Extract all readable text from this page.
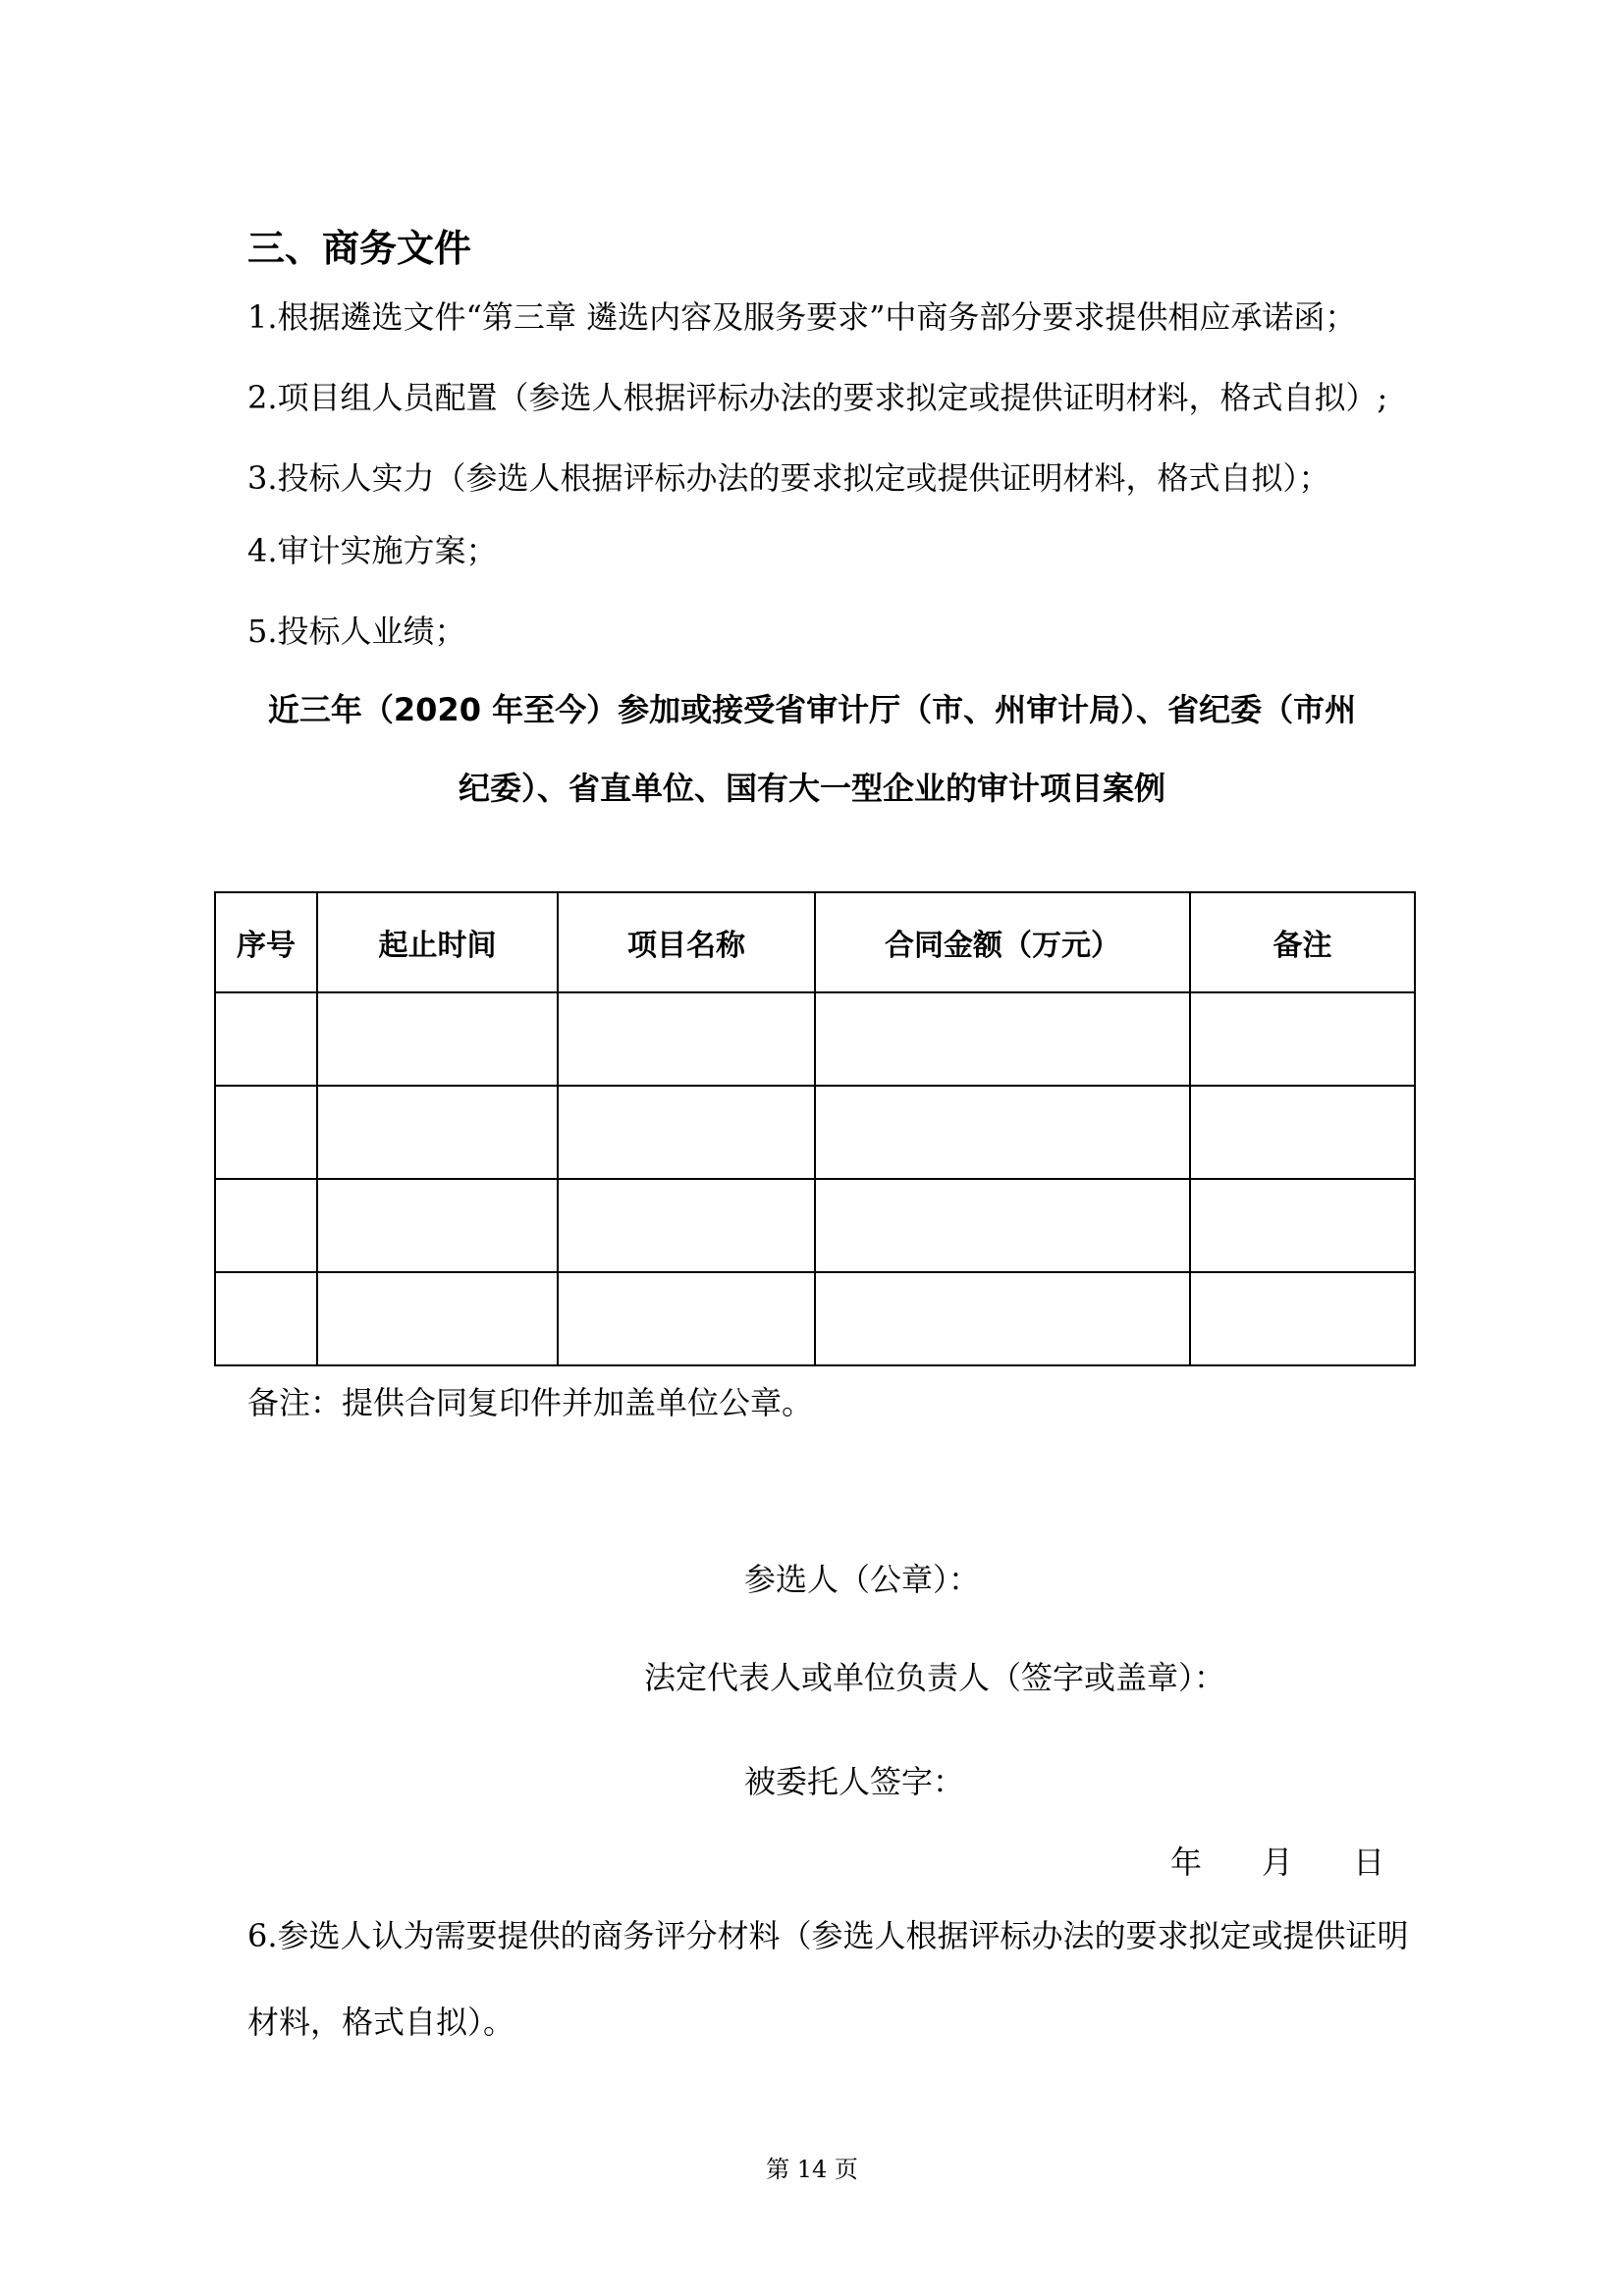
三、商务文件
1.根据遴选文件“第三章 遴选内容及服务要求”中商务部分要求提供相应承诺函；
2.项目组人员配置（参选人根据评标办法的要求拟定或提供证明材料，格式自拟）;
3.投标人实力（参选人根据评标办法的要求拟定或提供证明材料，格式自拟）；
4.审计实施方案；
5.投标人业绩；
近三年（2020 年至今）参加或接受省审计厅（市、州审计局）、省纪委（市州
纪委）、省直单位、国有大一型企业的审计项目案例
序号	起止时间	项目名称	合同金额（万元）	备注

备注：提供合同复印件并加盖单位公章。
参选人（公章）：
法定代表人或单位负责人（签字或盖章）：
被委托人签字：
年      月      日
6.参选人认为需要提供的商务评分材料（参选人根据评标办法的要求拟定或提供证明材料，格式自拟）。
第 14 页
